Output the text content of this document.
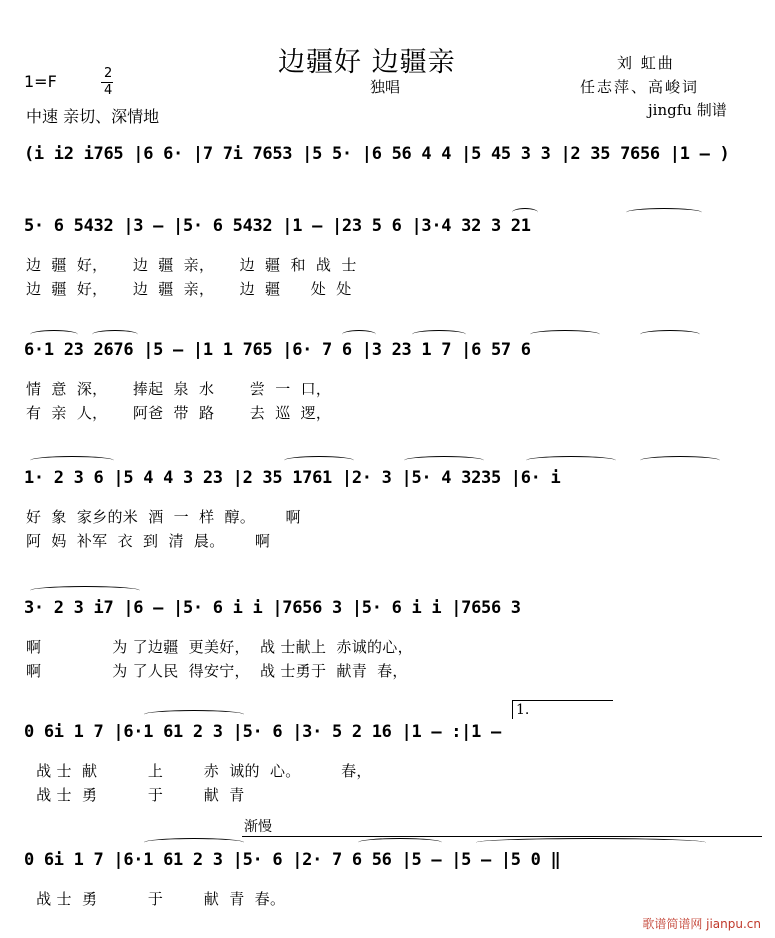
边疆好 边疆亲
独唱
刘 虹曲
任志萍、高峻词
jingfu 制谱
1=F	2
4
中速 亲切、深情地
(i i2 i765 |6 6· |7 7i 7653 |5 5· |6 56 4 4 |5 45 3 3 |2 35 7656 |1 – )
5· 6 5432 |3 – |5· 6 5432 |1 – |23 5 6 |3·4 32 3 21
边  疆  好，     边  疆  亲，     边  疆  和  战  士
边  疆  好，     边  疆  亲，     边  疆      处  处
6·1 23 2676 |5 – |1 1 765 |6· 7 6 |3 23 1 7 |6 57 6
情  意  深，     捧起  泉  水       尝  一  口，
有  亲  人，     阿爸  带  路       去  巡  逻，
1· 2 3 6 |5 4 4 3 23 |2 35 1761 |2· 3 |5· 4 3235 |6· i
好  象  家乡的米  酒  一  样  醇。      啊
阿  妈  补军  衣  到  清  晨。      啊
3· 2 3 i7 |6 – |5· 6 i i |7656 3 |5· 6 i i |7656 3
啊              为 了边疆  更美好，  战 士献上  赤诚的心，
啊              为 了人民  得安宁，  战 士勇于  献青  春，
1.
0 6i 1 7 |6·1 61 2 3 |5· 6 |3· 5 2 16 |1 – :|1 –
战 士  献          上        赤  诚的  心。        春，
战 士  勇          于        献  青
渐慢
0 6i 1 7 |6·1 61 2 3 |5· 6 |2· 7 6 56 |5 – |5 – |5 0 ‖
战 士  勇          于        献  青  春。
歌谱简谱网 jianpu.cn
